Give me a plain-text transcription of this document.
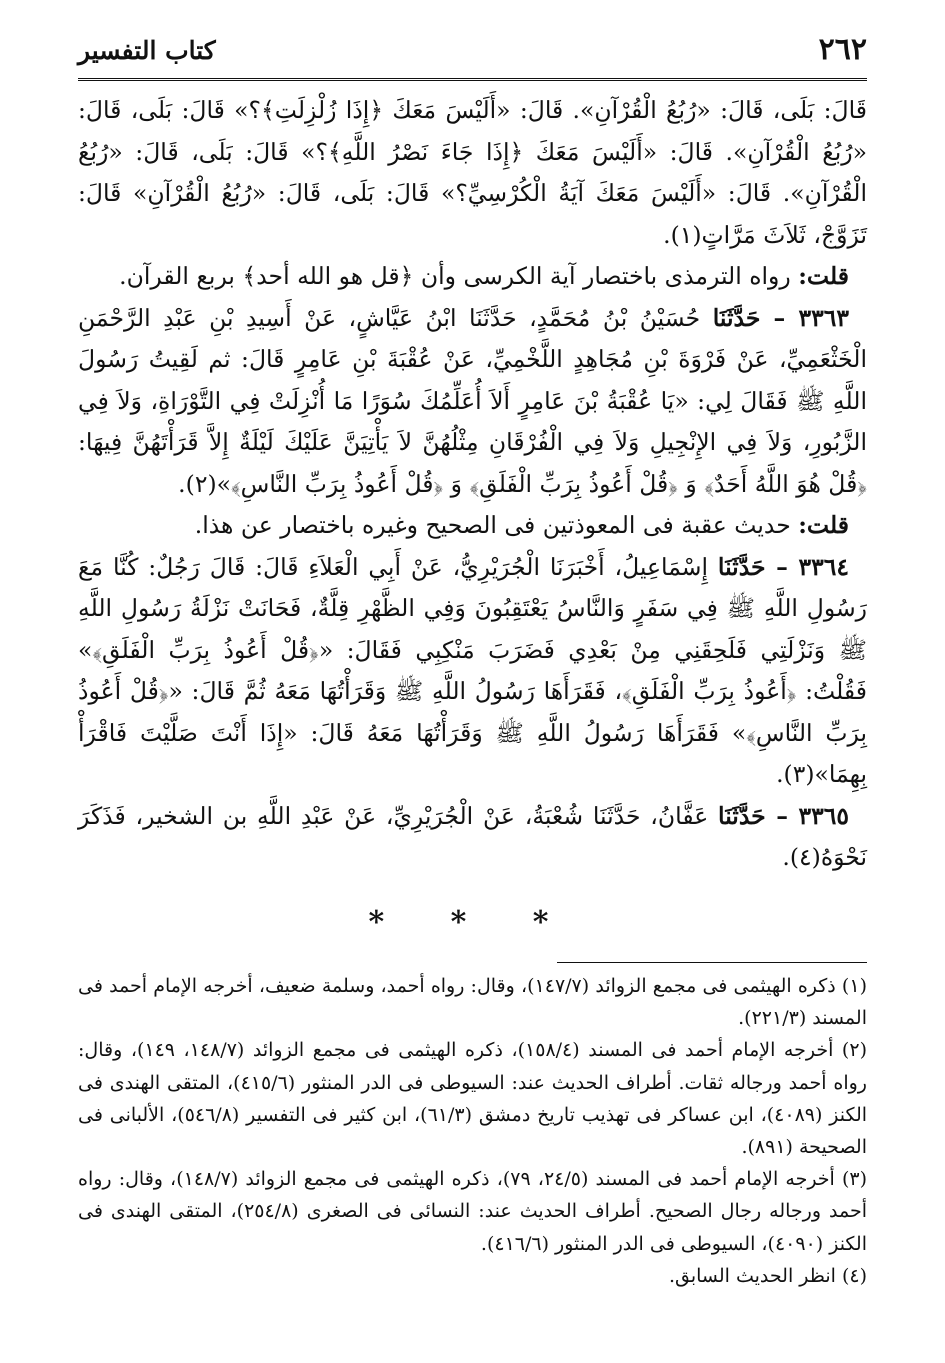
٢٦٢
كتاب التفسير

قَالَ: بَلَى، قَالَ: «رُبُعُ الْقُرْآنِ». قَالَ: «أَلَيْسَ مَعَكَ ﴿إِذَا زُلْزِلَتِ﴾؟» قَالَ: بَلَى، قَالَ: «رُبُعُ الْقُرْآنِ». قَالَ: «أَلَيْسَ مَعَكَ ﴿إِذَا جَاءَ نَصْرُ اللَّهِ﴾؟» قَالَ: بَلَى، قَالَ: «رُبُعُ الْقُرْآنِ». قَالَ: «أَلَيْسَ مَعَكَ آيَةُ الْكُرْسِيِّ؟» قَالَ: بَلَى، قَالَ: «رُبُعُ الْقُرْآنِ» قَالَ: تَزَوَّجْ، ثَلاَثَ مَرَّاتٍ(١).

قلت: رواه الترمذى باختصار آية الكرسى وأن ﴿قل هو الله أحد﴾ بربع القرآن.

٣٣٦٣ – حَدَّثَنَا حُسَيْنُ بْنُ مُحَمَّدٍ، حَدَّثَنَا ابْنُ عَيَّاشٍ، عَنْ أَسِيدِ بْنِ عَبْدِ الرَّحْمَنِ الْخَثْعَمِيِّ، عَنْ فَرْوَةَ بْنِ مُجَاهِدٍ اللَّخْمِيِّ، عَنْ عُقْبَةَ بْنِ عَامِرٍ قَالَ: ثم لَقِيتُ رَسُولَ اللَّهِ ﷺ فَقَالَ لِي: «يَا عُقْبَةُ بْنَ عَامِرٍ أَلاَ أُعَلِّمُكَ سُوَرًا مَا أُنْزِلَتْ فِي التَّوْرَاةِ، وَلاَ فِي الزَّبُورِ، وَلاَ فِي الإِنْجِيلِ وَلاَ فِي الْفُرْقَانِ مِثْلُهُنَّ لاَ يَأْتِيَنَّ عَلَيْكَ لَيْلَةٌ إِلاَّ قَرَأْتَهُنَّ فِيهَا: ﴿قُلْ هُوَ اللَّهُ أَحَدٌ﴾ وَ ﴿قُلْ أَعُوذُ بِرَبِّ الْفَلَقِ﴾ وَ ﴿قُلْ أَعُوذُ بِرَبِّ النَّاسِ﴾»(٢).

قلت: حديث عقبة فى المعوذتين فى الصحيح وغيره باختصار عن هذا.

٣٣٦٤ – حَدَّثَنَا إِسْمَاعِيلُ، أَخْبَرَنَا الْجُرَيْرِيُّ، عَنْ أَبِي الْعَلاَءِ قَالَ: قَالَ رَجُلٌ: كُنَّا مَعَ رَسُولِ اللَّهِ ﷺ فِي سَفَرٍ وَالنَّاسُ يَعْتَقِبُونَ وَفِي الظَّهْرِ قِلَّةٌ، فَحَانَتْ نَزْلَةُ رَسُولِ اللَّهِ ﷺ وَنَزْلَتِي فَلَحِقَنِي مِنْ بَعْدِي فَضَرَبَ مَنْكِبِي فَقَالَ: «﴿قُلْ أَعُوذُ بِرَبِّ الْفَلَقِ﴾» فَقُلْتُ: ﴿أَعُوذُ بِرَبِّ الْفَلَقِ﴾، فَقَرَأَهَا رَسُولُ اللَّهِ ﷺ وَقَرَأْتُهَا مَعَهُ ثُمَّ قَالَ: «﴿قُلْ أَعُوذُ بِرَبِّ النَّاسِ﴾» فَقَرَأَهَا رَسُولُ اللَّهِ ﷺ وَقَرَأْتُهَا مَعَهُ قَالَ: «إِذَا أَنْتَ صَلَّيْتَ فَاقْرَأْ بِهِمَا»(٣).

٣٣٦٥ – حَدَّثَنَا عَفَّانُ، حَدَّثَنَا شُعْبَةُ، عَنْ الْجُرَيْرِيِّ، عَنْ عَبْدِ اللَّهِ بن الشخير، فَذَكَرَ نَحْوَهُ(٤).

* * *

(١) ذكره الهيثمى فى مجمع الزوائد (١٤٧/٧)، وقال: رواه أحمد، وسلمة ضعيف، أخرجه الإمام أحمد فى المسند (٢٢١/٣).

(٢) أخرجه الإمام أحمد فى المسند (١٥٨/٤)، ذكره الهيثمى فى مجمع الزوائد (١٤٨/٧، ١٤٩)، وقال: رواه أحمد ورجاله ثقات. أطراف الحديث عند: السيوطى فى الدر المنثور (٤١٥/٦)، المتقى الهندى فى الكنز (٤٠٨٩)، ابن عساكر فى تهذيب تاريخ دمشق (٦١/٣)، ابن كثير فى التفسير (٥٤٦/٨)، الألبانى فى الصحيحة (٨٩١).

(٣) أخرجه الإمام أحمد فى المسند (٢٤/٥، ٧٩)، ذكره الهيثمى فى مجمع الزوائد (١٤٨/٧)، وقال: رواه أحمد ورجاله رجال الصحيح. أطراف الحديث عند: النسائى فى الصغرى (٢٥٤/٨)، المتقى الهندى فى الكنز (٤٠٩٠)، السيوطى فى الدر المنثور (٤١٦/٦).

(٤) انظر الحديث السابق.
